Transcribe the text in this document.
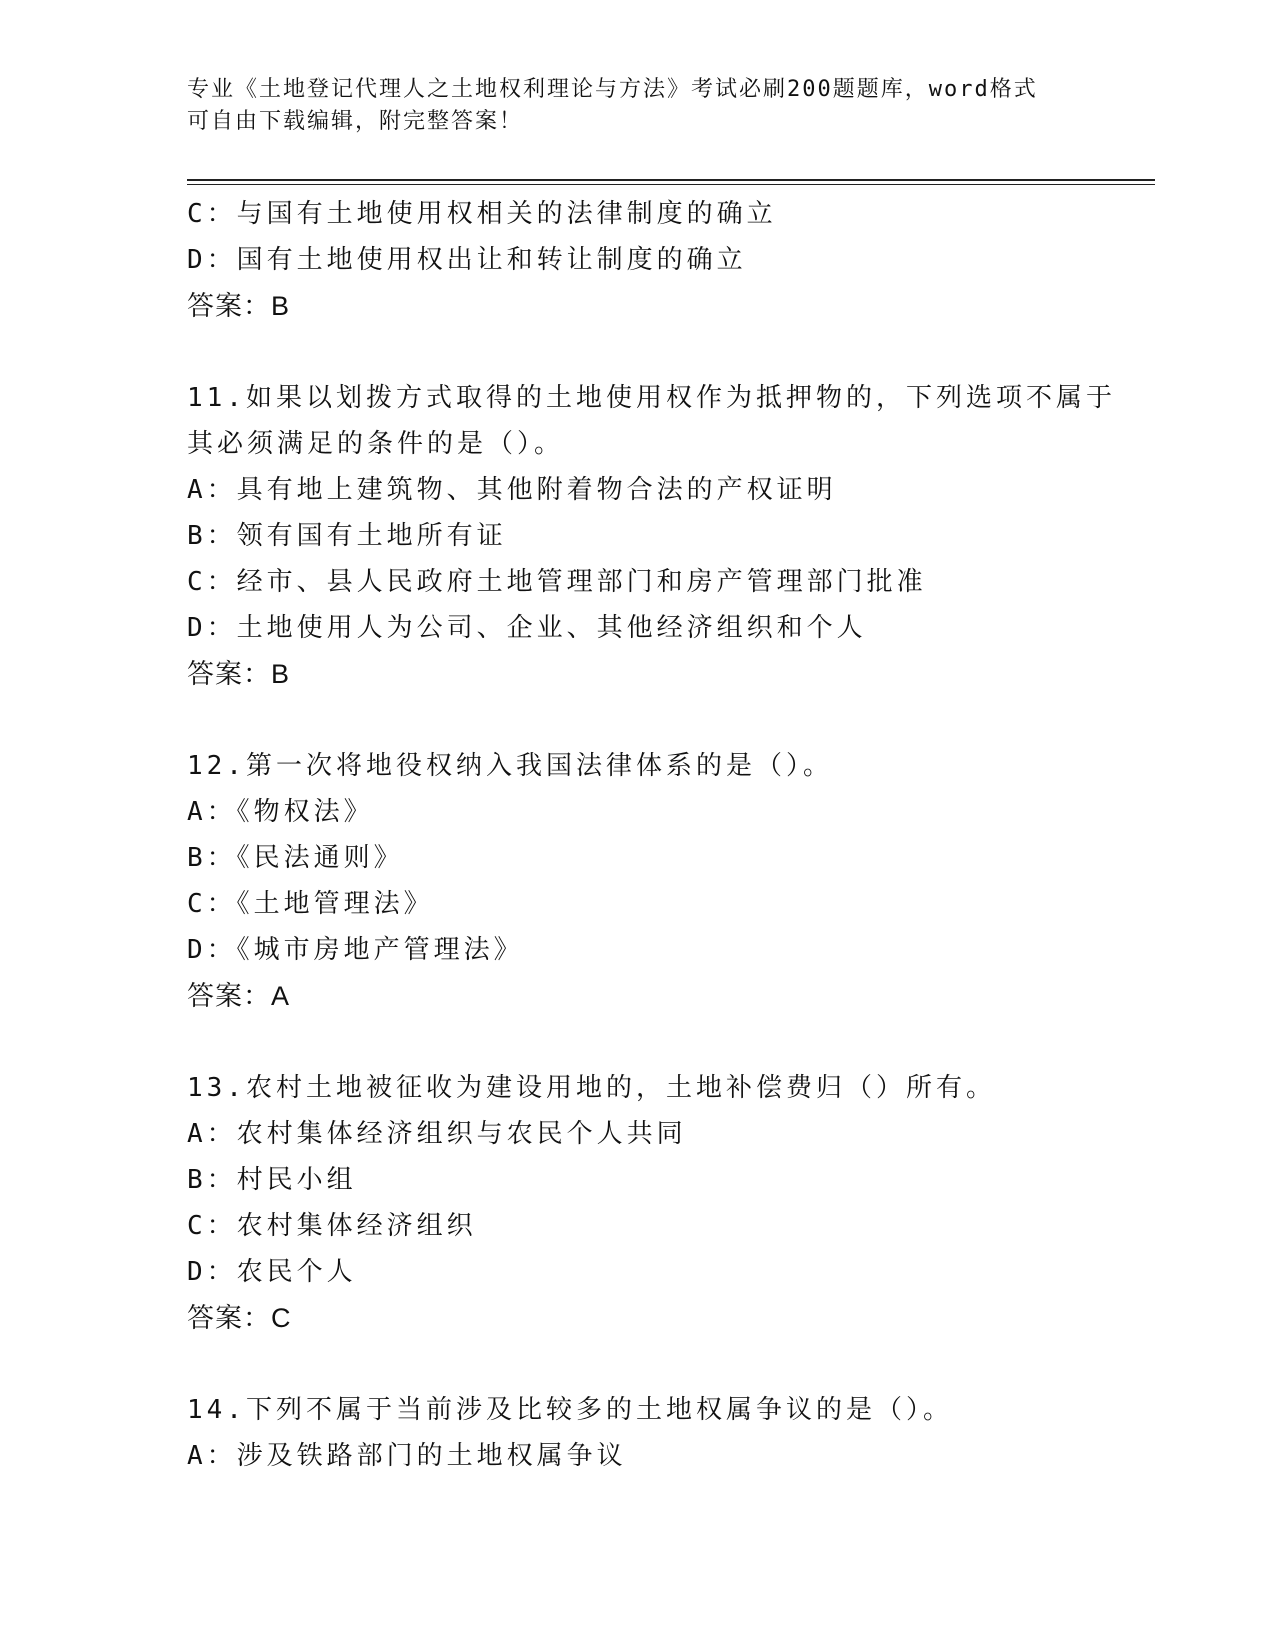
专业《土地登记代理人之土地权利理论与方法》考试必刷200题题库，word格式
可自由下载编辑，附完整答案！
C：与国有土地使用权相关的法律制度的确立
D：国有土地使用权出让和转让制度的确立
答案：B
11.如果以划拨方式取得的土地使用权作为抵押物的，下列选项不属于
其必须满足的条件的是（）。
A：具有地上建筑物、其他附着物合法的产权证明
B：领有国有土地所有证
C：经市、县人民政府土地管理部门和房产管理部门批准
D：土地使用人为公司、企业、其他经济组织和个人
答案：B
12.第一次将地役权纳入我国法律体系的是（）。
A：《物权法》
B：《民法通则》
C：《土地管理法》
D：《城市房地产管理法》
答案：A
13.农村土地被征收为建设用地的，土地补偿费归（）所有。
A：农村集体经济组织与农民个人共同
B：村民小组
C：农村集体经济组织
D：农民个人
答案：C
14.下列不属于当前涉及比较多的土地权属争议的是（）。
A：涉及铁路部门的土地权属争议
